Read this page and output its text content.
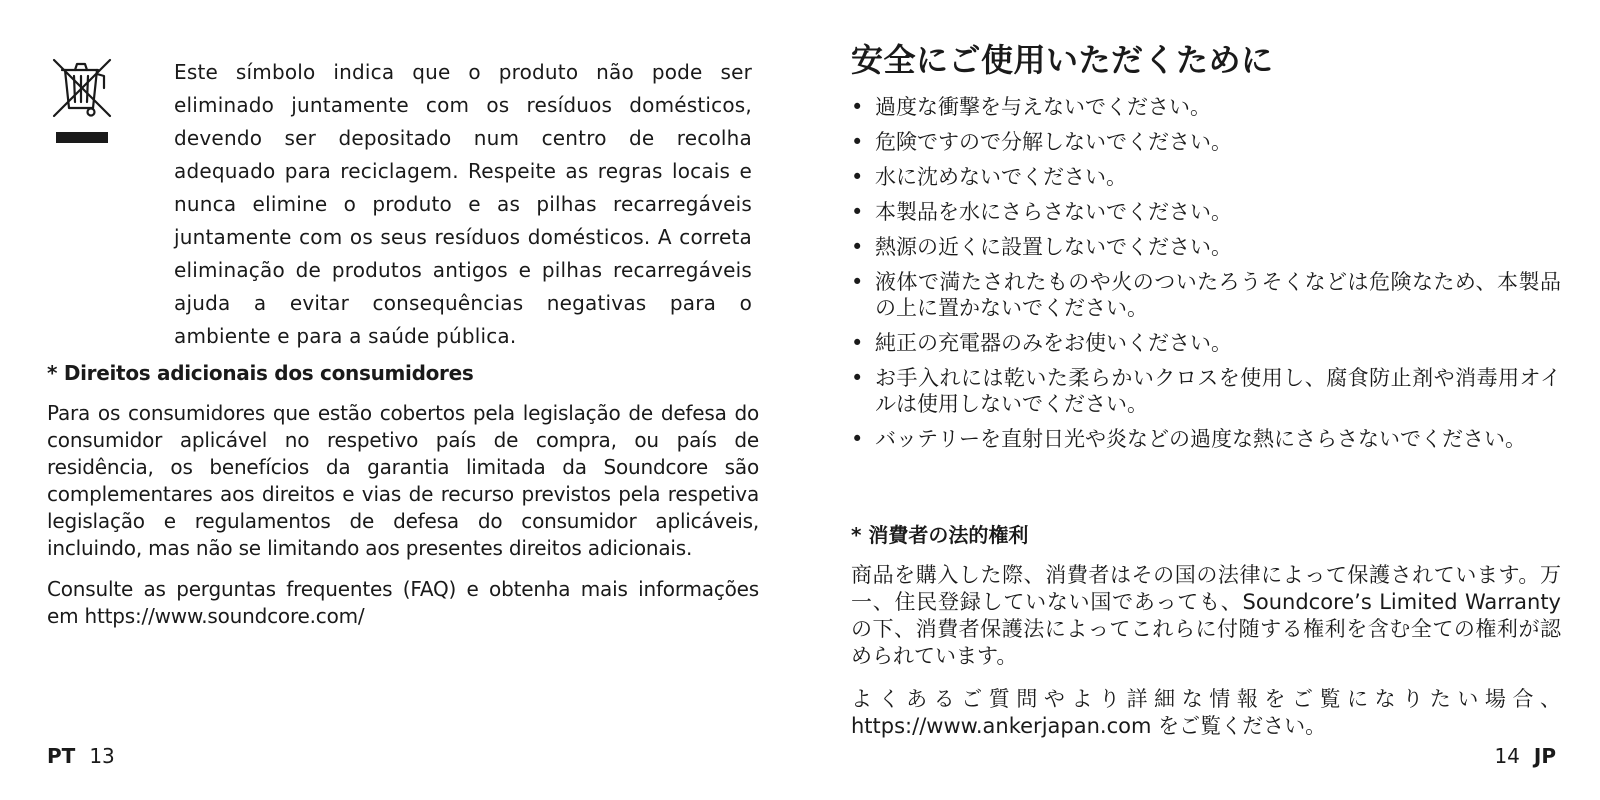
Este símbolo indica que o produto não pode ser eliminado juntamente com os resíduos domésticos, devendo ser depositado num centro de recolha adequado para reciclagem. Respeite as regras locais e nunca elimine o produto e as pilhas recarregáveis juntamente com os seus resíduos domésticos. A correta eliminação de produtos antigos e pilhas recarregáveis ajuda a evitar consequências negativas para o ambiente e para a saúde pública.

* Direitos adicionais dos consumidores

Para os consumidores que estão cobertos pela legislação de defesa do consumidor aplicável no respetivo país de compra, ou país de residência, os benefícios da garantia limitada da Soundcore são complementares aos direitos e vias de recurso previstos pela respetiva legislação e regulamentos de defesa do consumidor aplicáveis, incluindo, mas não se limitando aos presentes direitos adicionais.

Consulte as perguntas frequentes (FAQ) e obtenha mais informações em https://www.soundcore.com/

PT 13
安全にご使用いただくために
• 過度な衝撃を与えないでください。
• 危険ですので分解しないでください。
• 水に沈めないでください。
• 本製品を水にさらさないでください。
• 熱源の近くに設置しないでください。
• 液体で満たされたものや火のついたろうそくなどは危険なため、本製品の上に置かないでください。
• 純正の充電器のみをお使いください。
• お手入れには乾いた柔らかいクロスを使用し、腐食防止剤や消毒用オイルは使用しないでください。
• バッテリーを直射日光や炎などの過度な熱にさらさないでください。
* 消費者の法的権利

商品を購入した際、消費者はその国の法律によって保護されています。万一、住民登録していない国であっても、Soundcore’s Limited Warranty の下、消費者保護法によってこれらに付随する権利を含む全ての権利が認められています。

よくあるご質問やより詳細な情報をご覧になりたい場合、https://www.ankerjapan.com をご覧ください。

14 JP
